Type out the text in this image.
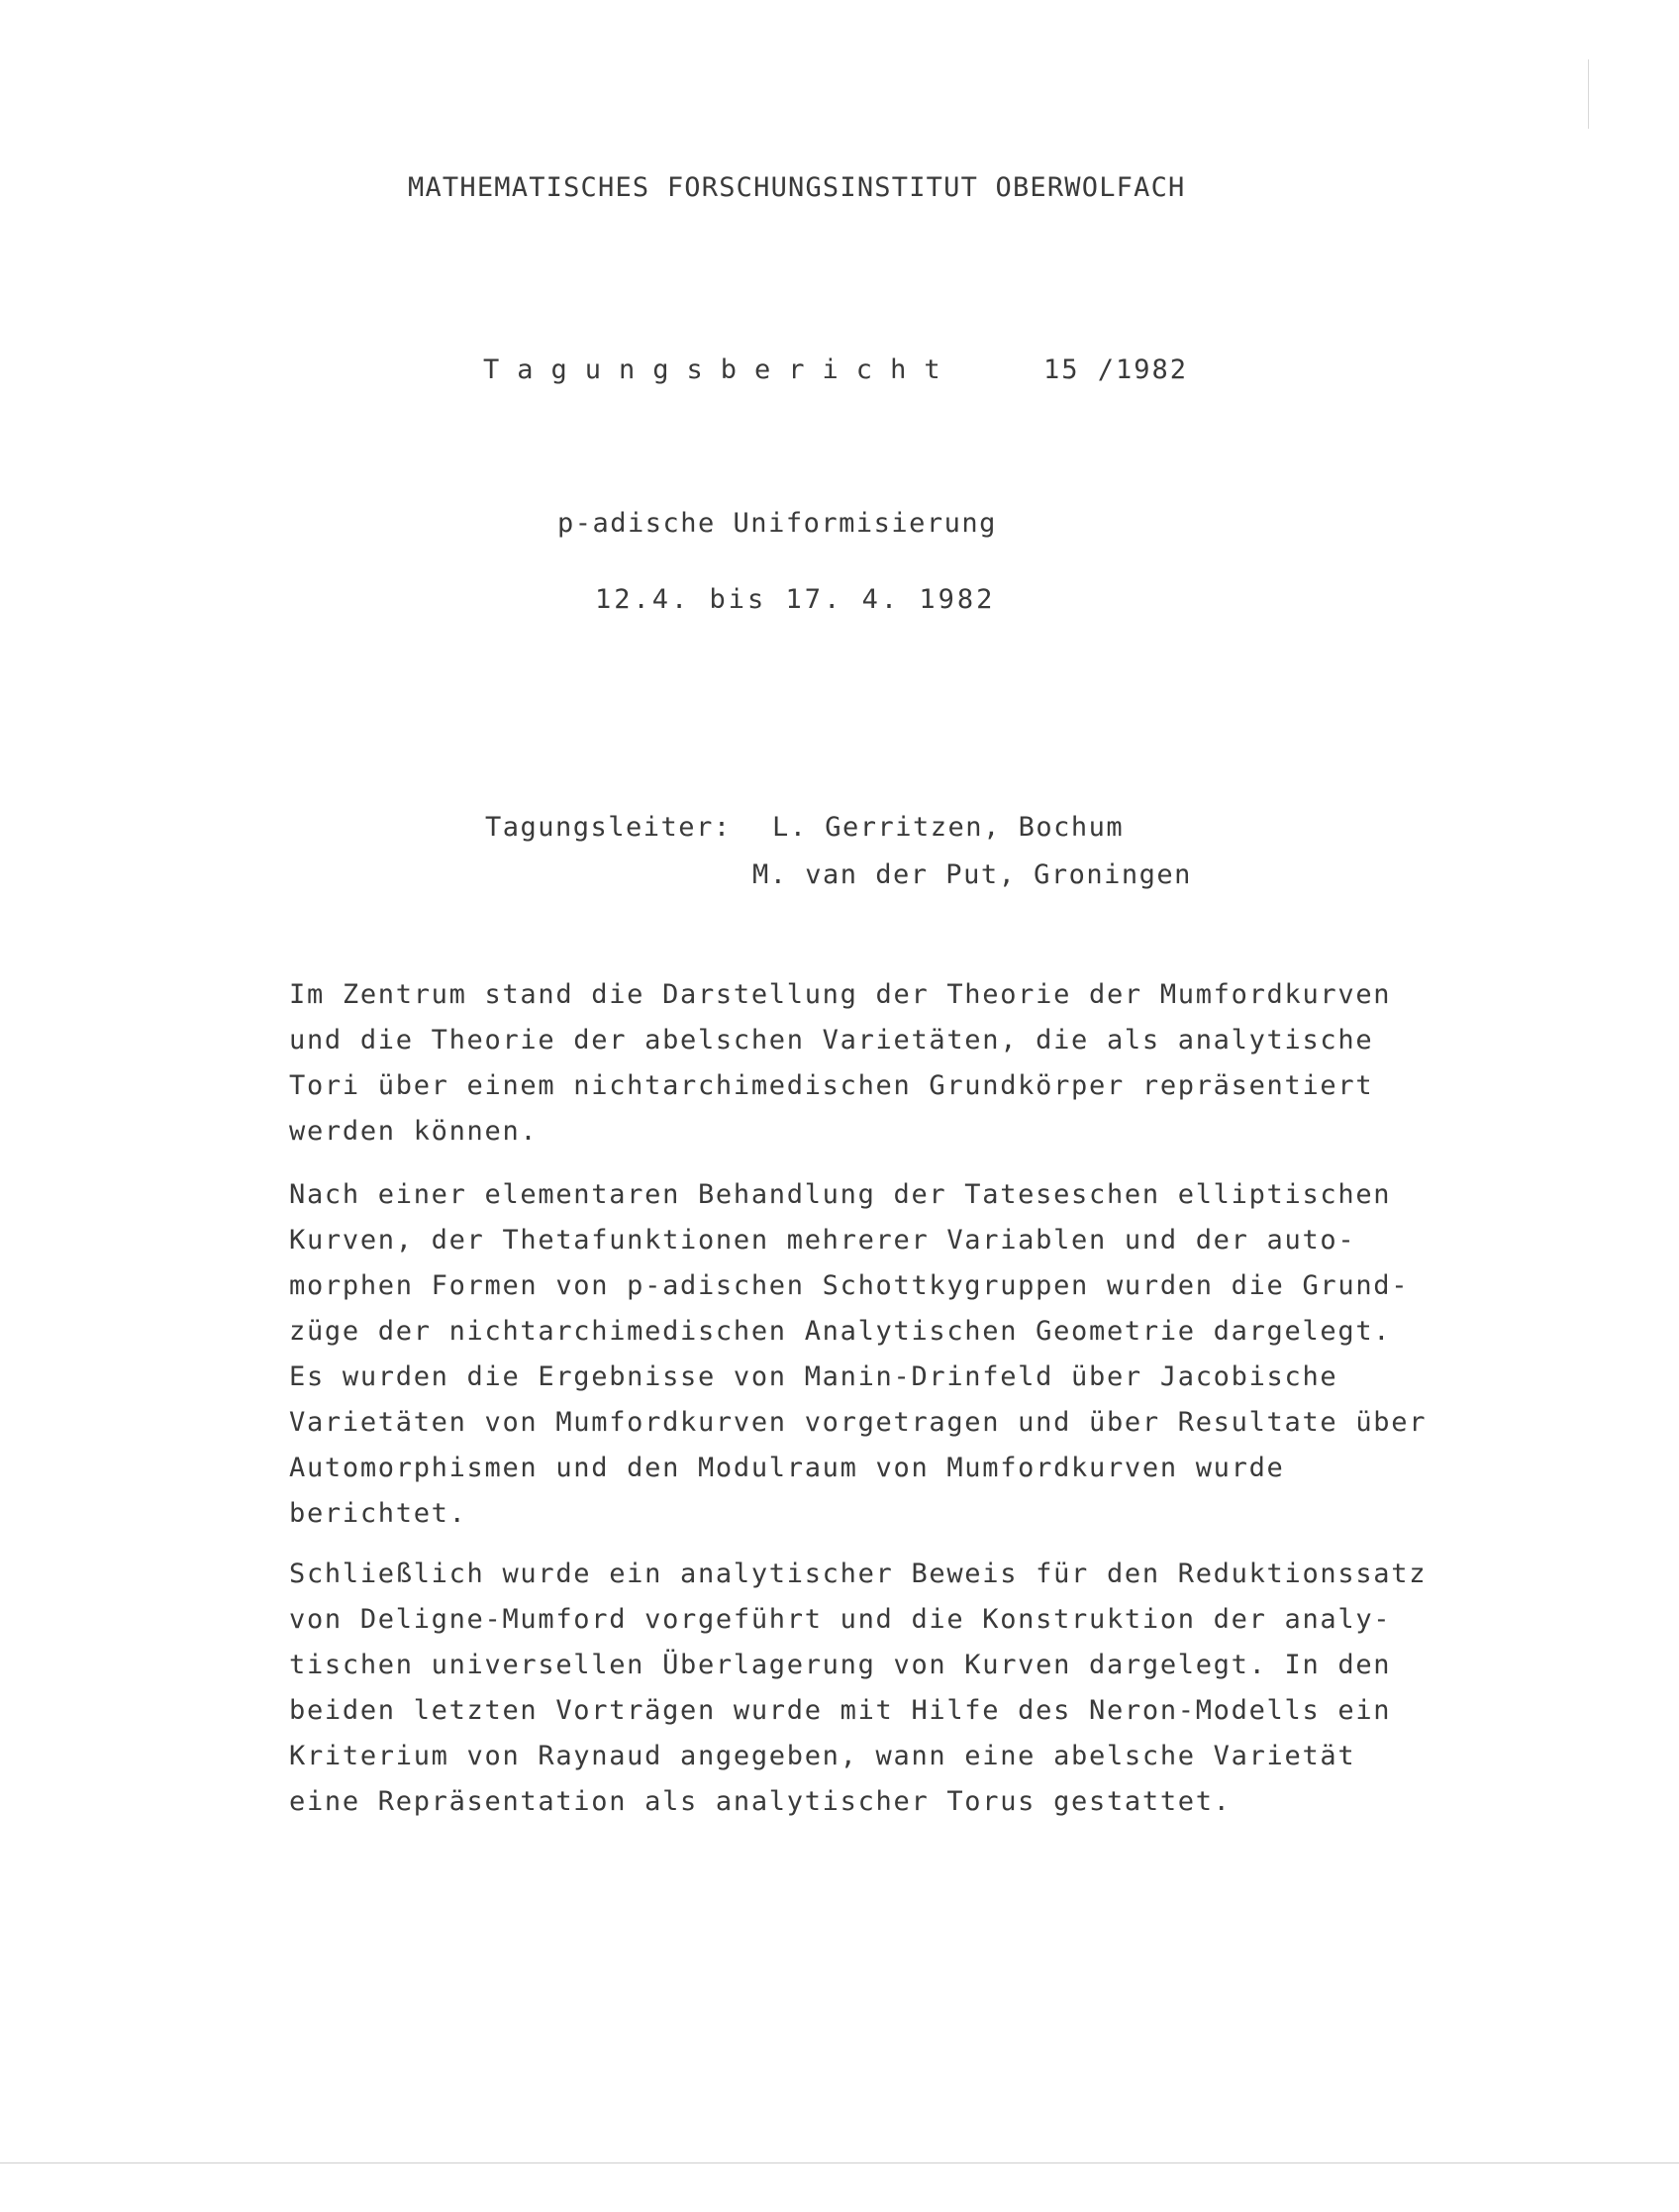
MATHEMATISCHES FORSCHUNGSINSTITUT OBERWOLFACH
Tagungsbericht	15 /1982
p-adische Uniformisierung
12.4. bis 17. 4. 1982
Tagungsleiter: L. Gerritzen, Bochum
M. van der Put, Groningen
Im Zentrum stand die Darstellung der Theorie der Mumfordkurven
und die Theorie der abelschen Varietäten, die als analytische
Tori über einem nichtarchimedischen Grundkörper repräsentiert
werden können.
Nach einer elementaren Behandlung der Tateseschen elliptischen
Kurven, der Thetafunktionen mehrerer Variablen und der auto-
morphen Formen von p-adischen Schottkygruppen wurden die Grund-
züge der nichtarchimedischen Analytischen Geometrie dargelegt.
Es wurden die Ergebnisse von Manin-Drinfeld über Jacobische
Varietäten von Mumfordkurven vorgetragen und über Resultate über
Automorphismen und den Modulraum von Mumfordkurven wurde
berichtet.
Schließlich wurde ein analytischer Beweis für den Reduktionssatz
von Deligne-Mumford vorgeführt und die Konstruktion der analy-
tischen universellen Überlagerung von Kurven dargelegt. In den
beiden letzten Vorträgen wurde mit Hilfe des Neron-Modells ein
Kriterium von Raynaud angegeben, wann eine abelsche Varietät
eine Repräsentation als analytischer Torus gestattet.
